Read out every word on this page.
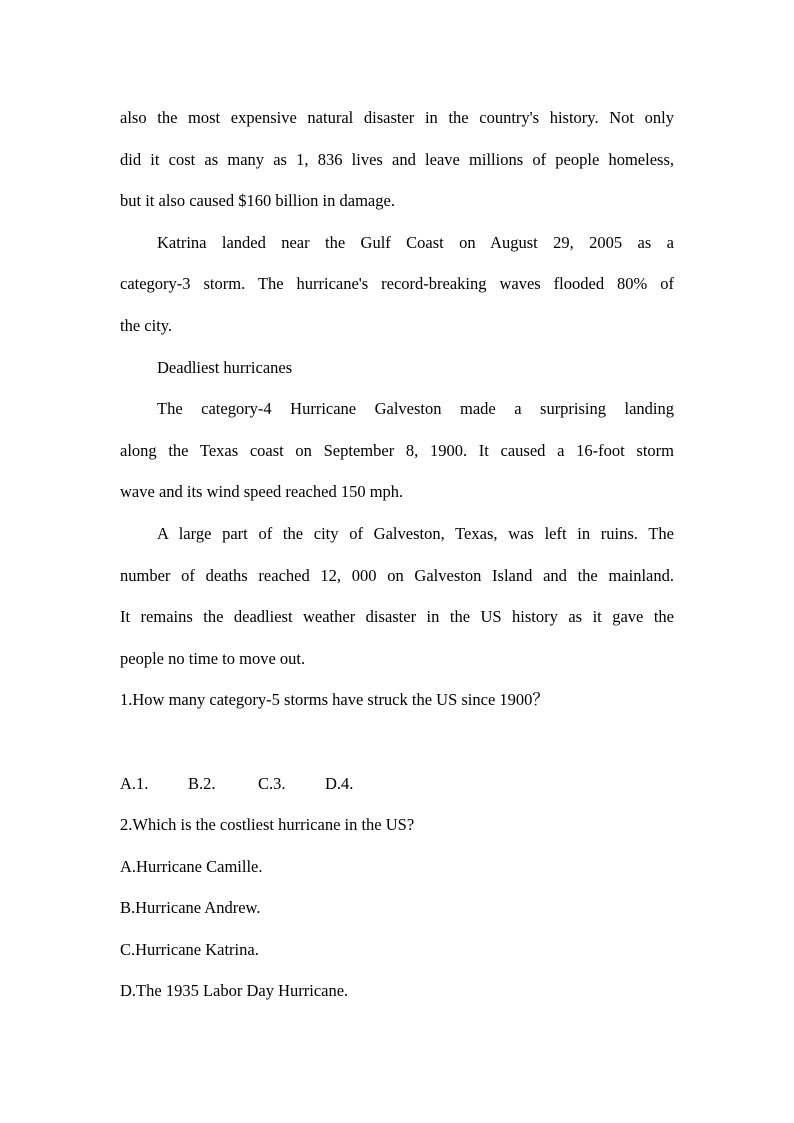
also the most expensive natural disaster in the country's history. Not only
did it cost as many as 1, 836 lives and leave millions of people homeless,
but it also caused $160 billion in damage.
Katrina landed near the Gulf Coast on August 29, 2005 as a
category-3 storm. The hurricane's record-breaking waves flooded 80% of
the city.
Deadliest hurricanes
The category-4 Hurricane Galveston made a surprising landing
along the Texas coast on September 8, 1900. It caused a 16-foot storm
wave and its wind speed reached 150 mph.
A large part of the city of Galveston, Texas, was left in ruins. The
number of deaths reached 12, 000 on Galveston Island and the mainland.
It remains the deadliest weather disaster in the US history as it gave the
people no time to move out.
1.How many category-5 storms have struck the US since 1900？
A.1.	B.2.	C.3.	D.4.
2.Which is the costliest hurricane in the US?
A.Hurricane Camille.
B.Hurricane Andrew.
C.Hurricane Katrina.
D.The 1935 Labor Day Hurricane.
